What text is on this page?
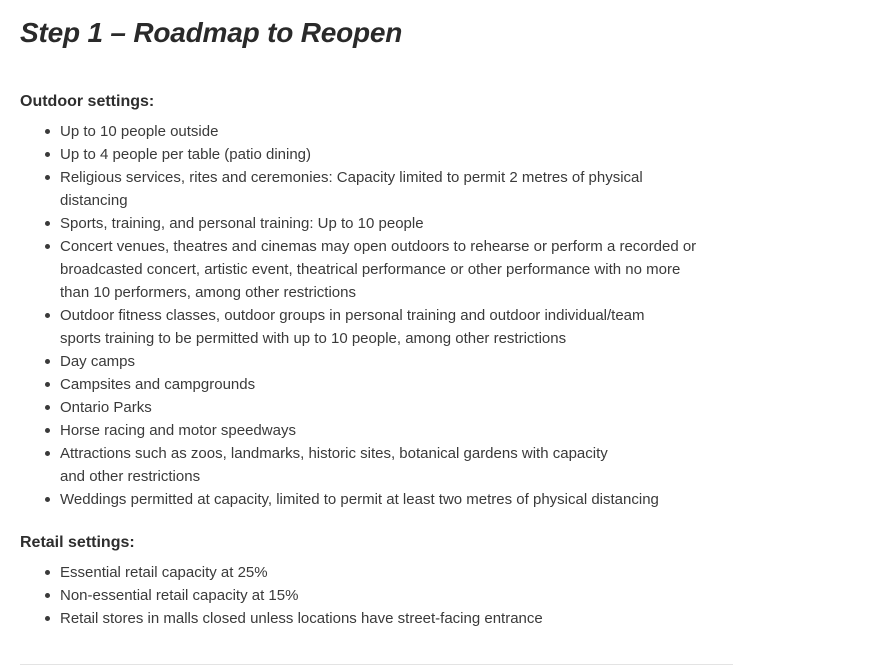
Step 1 – Roadmap to Reopen
Outdoor settings:
Up to 10 people outside
Up to 4 people per table (patio dining)
Religious services, rites and ceremonies: Capacity limited to permit 2 metres of physical
distancing
Sports, training, and personal training: Up to 10 people
Concert venues, theatres and cinemas may open outdoors to rehearse or perform a recorded or
broadcasted concert, artistic event, theatrical performance or other performance with no more
than 10 performers, among other restrictions
Outdoor fitness classes, outdoor groups in personal training and outdoor individual/team
sports training to be permitted with up to 10 people, among other restrictions
Day camps
Campsites and campgrounds
Ontario Parks
Horse racing and motor speedways
Attractions such as zoos, landmarks, historic sites, botanical gardens with capacity
and other restrictions
Weddings permitted at capacity, limited to permit at least two metres of physical distancing
Retail settings:
Essential retail capacity at 25%
Non-essential retail capacity at 15%
Retail stores in malls closed unless locations have street-facing entrance
